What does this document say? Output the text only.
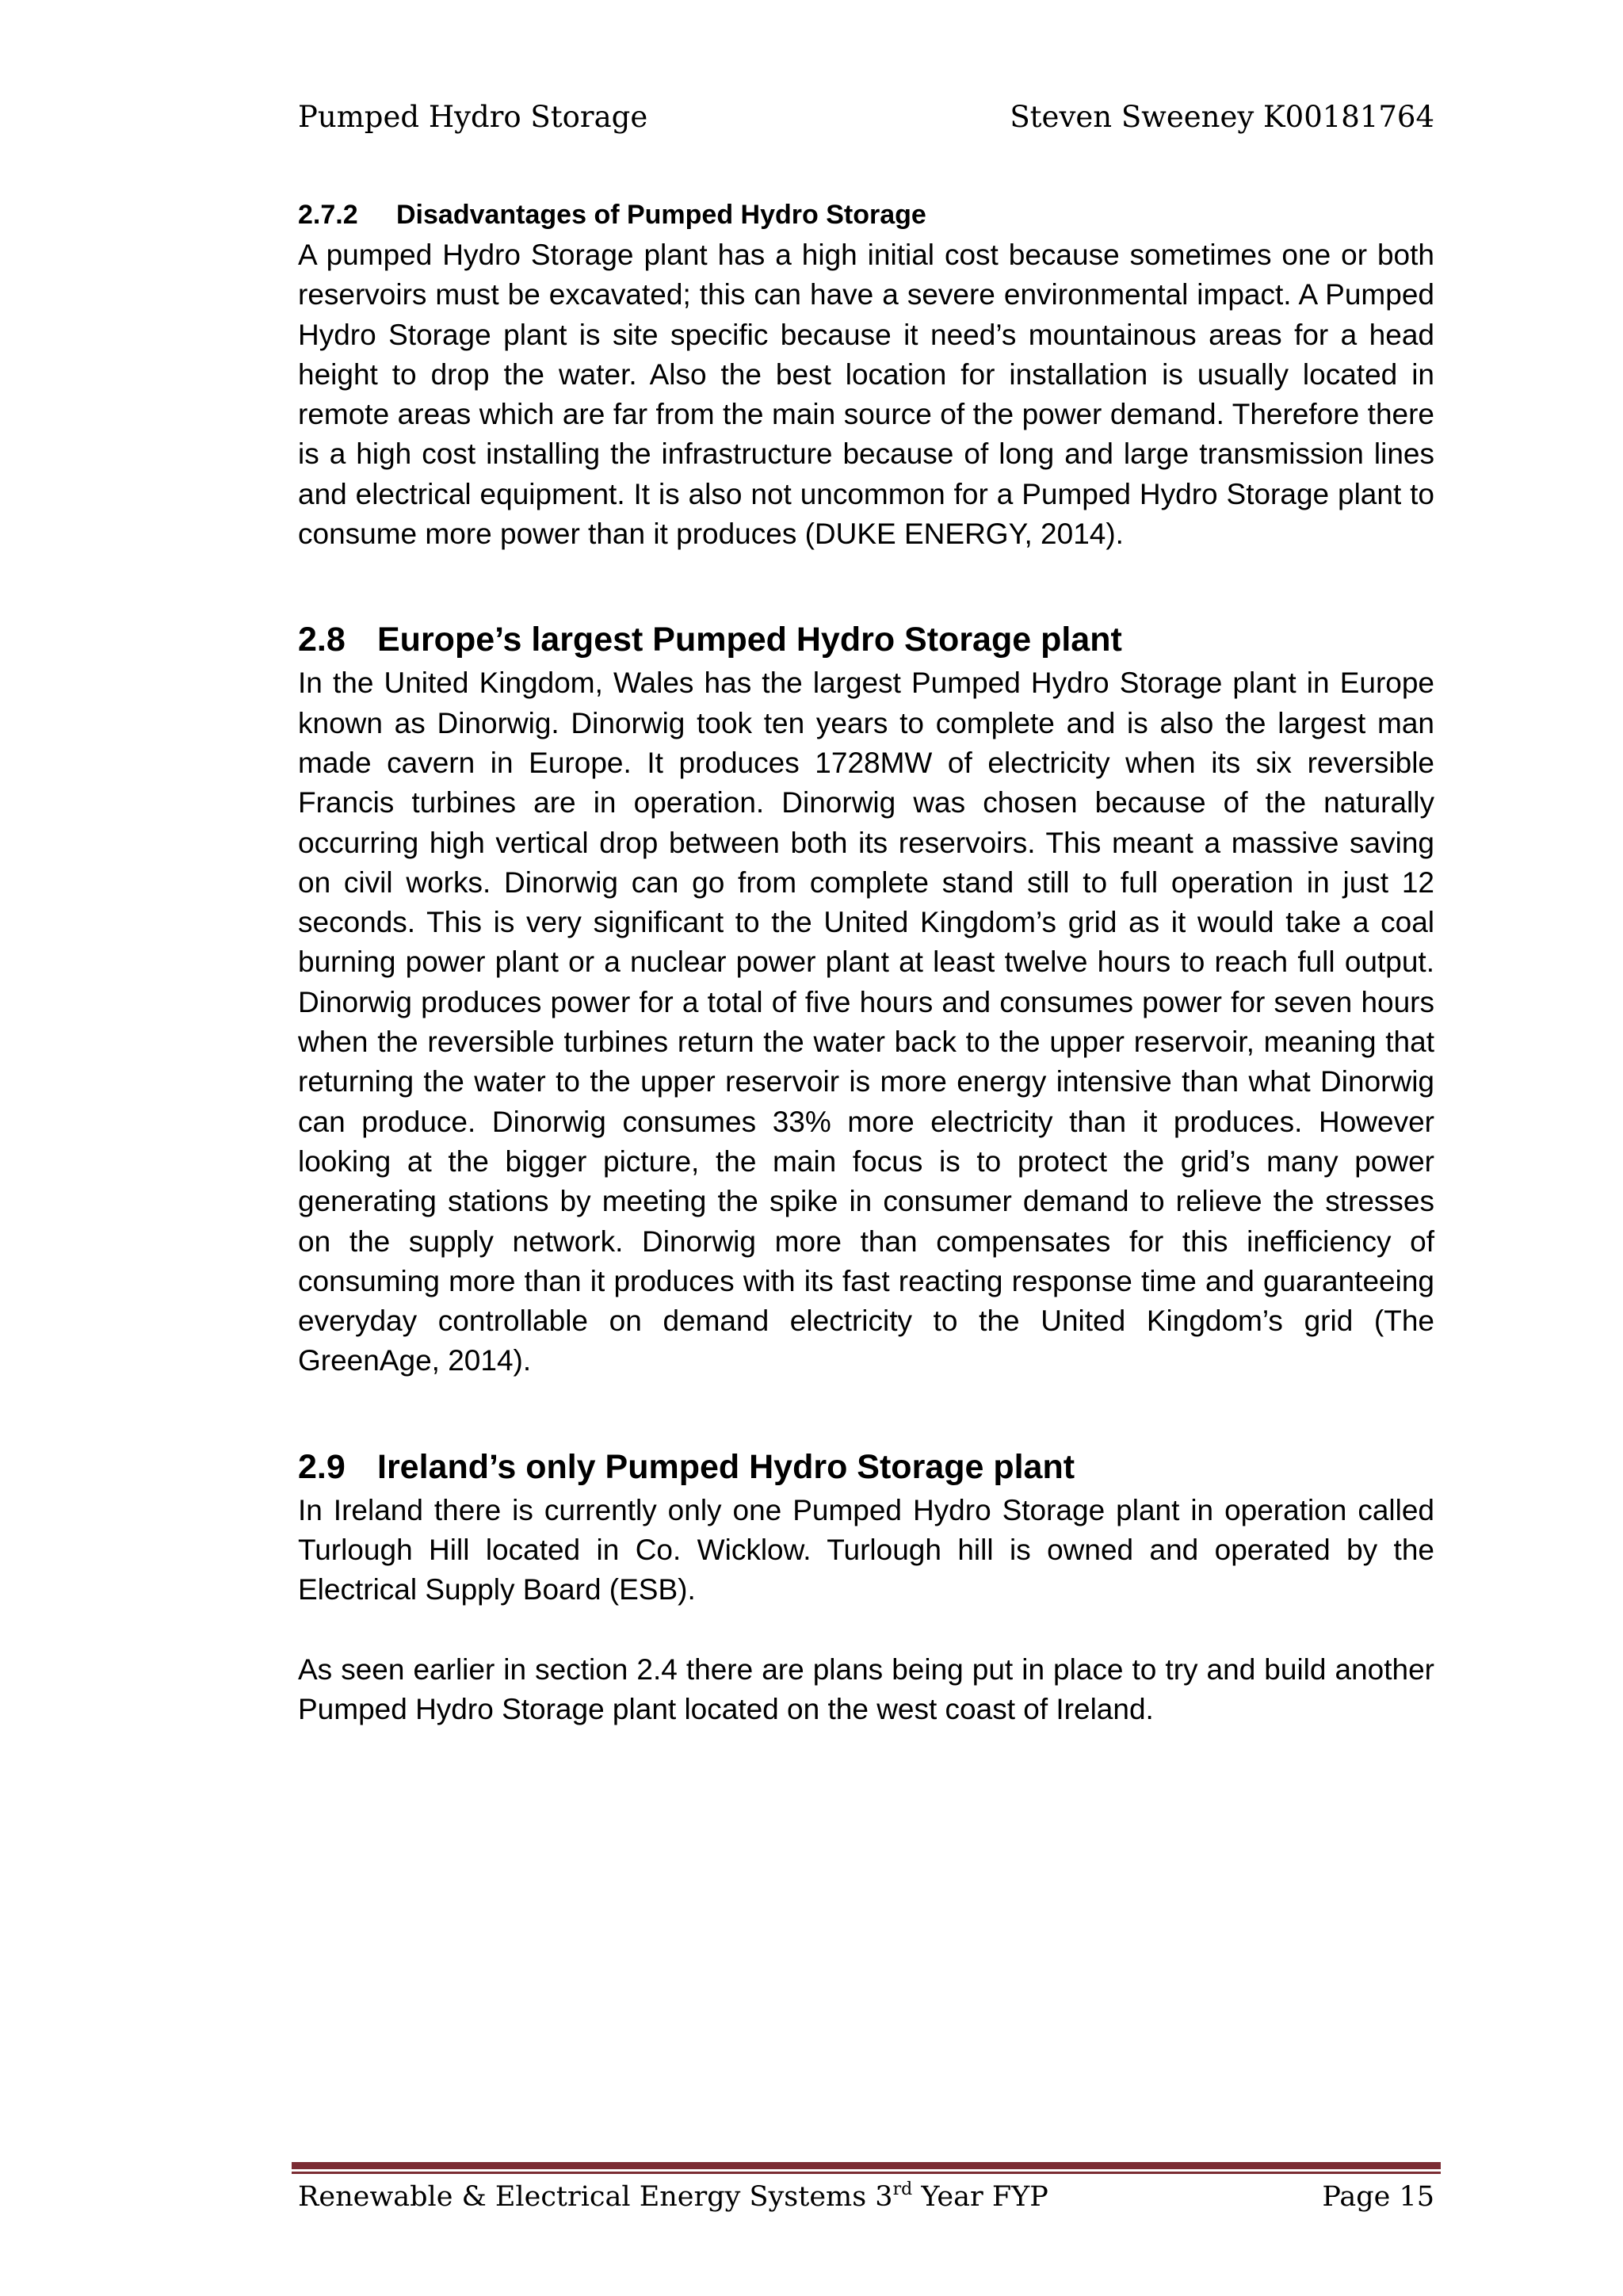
Pumped Hydro Storage	Steven Sweeney K00181764
2.7.2 Disadvantages of Pumped Hydro Storage

A pumped Hydro Storage plant has a high initial cost because sometimes one or both reservoirs must be excavated; this can have a severe environmental impact. A Pumped Hydro Storage plant is site specific because it need’s mountainous areas for a head height to drop the water. Also the best location for installation is usually located in remote areas which are far from the main source of the power demand. Therefore there is a high cost installing the infrastructure because of long and large transmission lines and electrical equipment. It is also not uncommon for a Pumped Hydro Storage plant to consume more power than it produces (DUKE ENERGY, 2014).

2.8 Europe’s largest Pumped Hydro Storage plant

In the United Kingdom, Wales has the largest Pumped Hydro Storage plant in Europe known as Dinorwig. Dinorwig took ten years to complete and is also the largest man made cavern in Europe. It produces 1728MW of electricity when its six reversible Francis turbines are in operation. Dinorwig was chosen because of the naturally occurring high vertical drop between both its reservoirs. This meant a massive saving on civil works. Dinorwig can go from complete stand still to full operation in just 12 seconds. This is very significant to the United Kingdom’s grid as it would take a coal burning power plant or a nuclear power plant at least twelve hours to reach full output. Dinorwig produces power for a total of five hours and consumes power for seven hours when the reversible turbines return the water back to the upper reservoir, meaning that returning the water to the upper reservoir is more energy intensive than what Dinorwig can produce. Dinorwig consumes 33% more electricity than it produces. However looking at the bigger picture, the main focus is to protect the grid’s many power generating stations by meeting the spike in consumer demand to relieve the stresses on the supply network. Dinorwig more than compensates for this inefficiency of consuming more than it produces with its fast reacting response time and guaranteeing everyday controllable on demand electricity to the United Kingdom’s grid (The GreenAge, 2014).

2.9 Ireland’s only Pumped Hydro Storage plant

In Ireland there is currently only one Pumped Hydro Storage plant in operation called Turlough Hill located in Co. Wicklow. Turlough hill is owned and operated by the Electrical Supply Board (ESB).

As seen earlier in section 2.4 there are plans being put in place to try and build another Pumped Hydro Storage plant located on the west coast of Ireland.

Renewable & Electrical Energy Systems 3rd Year FYP	Page 15
